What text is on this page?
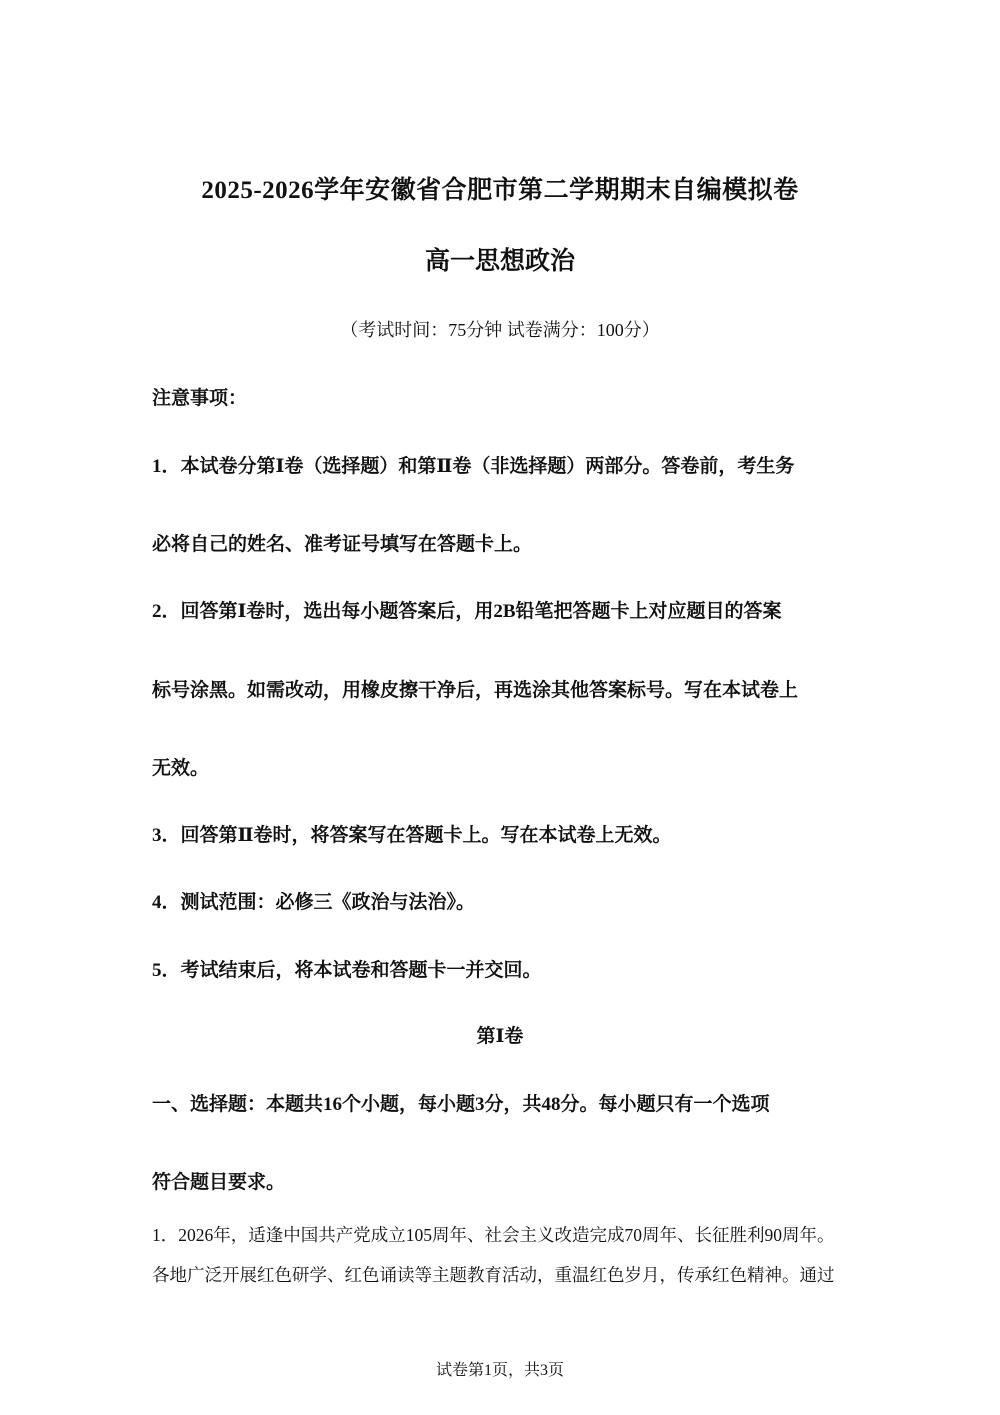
2025-2026学年安徽省合肥市第二学期期末自编模拟卷
高一思想政治
（考试时间：75分钟 试卷满分：100分）
注意事项：
1．本试卷分第Ⅰ卷（选择题）和第Ⅱ卷（非选择题）两部分。答卷前，考生务
必将自己的姓名、准考证号填写在答题卡上。
2．回答第Ⅰ卷时，选出每小题答案后，用2B铅笔把答题卡上对应题目的答案
标号涂黑。如需改动，用橡皮擦干净后，再选涂其他答案标号。写在本试卷上
无效。
3．回答第Ⅱ卷时，将答案写在答题卡上。写在本试卷上无效。
4．测试范围：必修三《政治与法治》。
5．考试结束后，将本试卷和答题卡一并交回。
第Ⅰ卷
一、选择题：本题共16个小题，每小题3分，共48分。每小题只有一个选项
符合题目要求。
1．2026年，适逢中国共产党成立105周年、社会主义改造完成70周年、长征胜利90周年。
各地广泛开展红色研学、红色诵读等主题教育活动，重温红色岁月，传承红色精神。通过
试卷第1页，共3页
